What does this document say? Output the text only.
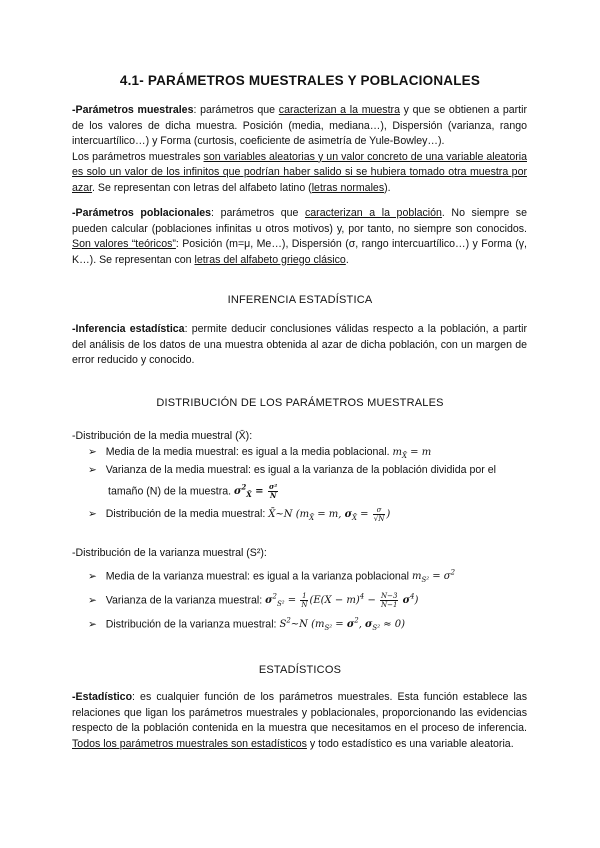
4.1- PARÁMETROS MUESTRALES Y POBLACIONALES

-Parámetros muestrales: parámetros que caracterizan a la muestra y que se obtienen a partir de los valores de dicha muestra. Posición (media, mediana…), Dispersión (varianza, rango intercuartílico…) y Forma (curtosis, coeficiente de asimetría de Yule-Bowley…).
Los parámetros muestrales son variables aleatorias y un valor concreto de una variable aleatoria es solo un valor de los infinitos que podrían haber salido si se hubiera tomado otra muestra por azar. Se representan con letras del alfabeto latino (letras normales).

-Parámetros poblacionales: parámetros que caracterizan a la población. No siempre se pueden calcular (poblaciones infinitas u otros motivos) y, por tanto, no siempre son conocidos. Son valores “teóricos”: Posición (m=μ, Me…), Dispersión (σ, rango intercuartílico…) y Forma (γ, K…). Se representan con letras del alfabeto griego clásico.

INFERENCIA ESTADÍSTICA

-Inferencia estadística: permite deducir conclusiones válidas respecto a la población, a partir del análisis de los datos de una muestra obtenida al azar de dicha población, con un margen de error reducido y conocido.

DISTRIBUCIÓN DE LOS PARÁMETROS MUESTRALES

-Distribución de la media muestral (X̄):
➢ Media de la media muestral: es igual a la media poblacional. $m_{X̄} = m$
➢ Varianza de la media muestral: es igual a la varianza de la población dividida por el
tamaño (N) de la muestra. $\sigma^2_{X̄} = \frac{\text{σ²}}{N}$
➢ Distribución de la media muestral: X̄~N ($m_{X̄} = m$, $\sigma_{X̄} = \frac{\sigma}{√N}$ )
-Distribución de la varianza muestral (S²):
➢ Media de la varianza muestral: es igual a la varianza poblacional $m_{S^2} = \sigma^2$
➢ Varianza de la varianza muestral: $\sigma^2_{S^2} = \frac{1}{N} (E(X - m)^4 - \frac{N-3}{N-1} \sigma^4)$
➢ Distribución de la varianza muestral: $S^2\sim N$ ($m_{S^2} = \sigma^2$, $\sigma_{S^2} \approx 0$)

ESTADÍSTICOS

-Estadístico: es cualquier función de los parámetros muestrales. Esta función establece las relaciones que ligan los parámetros muestrales y poblacionales, proporcionando las evidencias respecto de la población contenida en la muestra que necesitamos en el proceso de inferencia. Todos los parámetros muestrales son estadísticos y todo estadístico es una variable aleatoria.
